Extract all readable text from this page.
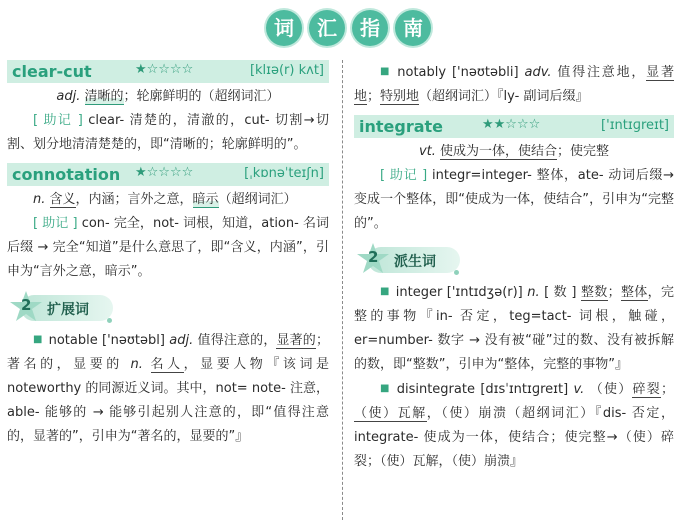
词	汇	指	南
clear-cut	★☆☆☆☆	[klɪə(r) kʌt]

adj. 清晰的；轮廓鲜明的（超纲词汇）

[ 助记 ] clear- 清楚的，清澈的，cut- 切割→切割、划分地清清楚楚的，即“清晰的；轮廓鲜明的”。

connotation ★☆☆☆☆	[ˌkɒnəˈteɪʃn]

n. 含义，内涵；言外之意，暗示（超纲词汇）

[ 助记 ] con- 完全，not- 词根，知道，ation- 名词后缀 → 完全“知道”是什么意思了，即“含义，内涵”，引申为“言外之意，暗示”。

2 扩展词

■ notable ['nəʊtəbl] adj. 值得注意的，显著的；著名的，显要的 n. 名人，显要人物『该词是 noteworthy 的同源近义词。其中，not= note- 注意，able- 能够的 → 能够引起别人注意的，即“值得注意的，显著的”，引申为“著名的，显要的”』

■ notably ['nəʊtəbli] adv. 值得注意地，显著地；特别地（超纲词汇）『ly- 副词后缀』

integrate	★★☆☆☆	['ɪntɪɡreɪt]

vt. 使成为一体，使结合；使完整

[ 助记 ] integr=integer- 整体，ate- 动词后缀→ 变成一个整体，即“使成为一体，使结合”，引申为“完整的”。

2 派生词

■ integer ['ɪntɪdʒə(r)] n. [ 数 ] 整数；整体，完整的事物『in- 否定，teg=tact- 词根，触碰，er=number- 数字 → 没有被“碰”过的数、没有被拆解的数，即“整数”，引申为“整体，完整的事物”』

■ disintegrate [dɪsˈɪntɪɡreɪt] v. （使）碎裂；（使）瓦解，（使）崩溃（超纲词汇）『dis- 否定，integrate- 使成为一体，使结合；使完整→（使）碎裂；（使）瓦解，（使）崩溃』
